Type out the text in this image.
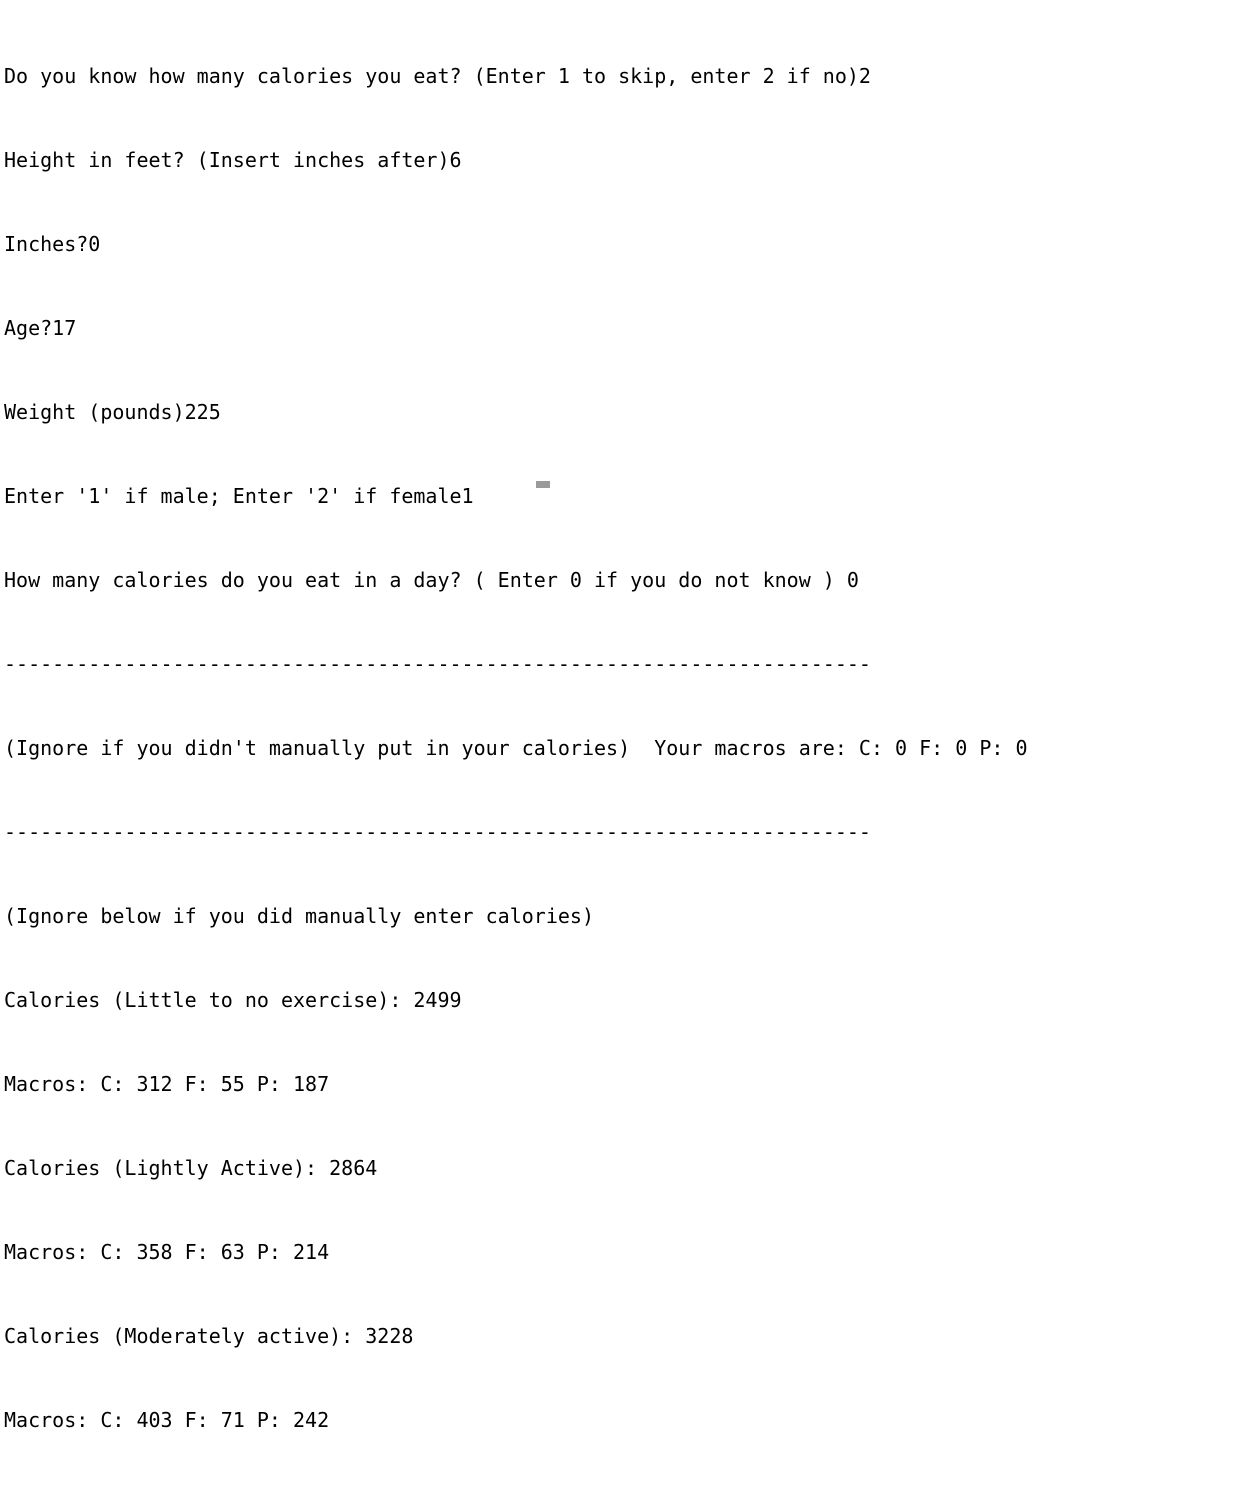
Do you know how many calories you eat? (Enter 1 to skip, enter 2 if no)2

Height in feet? (Insert inches after)6

Inches?0

Age?17

Weight (pounds)225

Enter '1' if male; Enter '2' if female1

How many calories do you eat in a day? ( Enter 0 if you do not know ) 0

------------------------------------------------------------------------

(Ignore if you didn't manually put in your calories)  Your macros are: C: 0 F: 0 P: 0

------------------------------------------------------------------------

(Ignore below if you did manually enter calories)

Calories (Little to no exercise): 2499

Macros: C: 312 F: 55 P: 187

Calories (Lightly Active): 2864

Macros: C: 358 F: 63 P: 214

Calories (Moderately active): 3228

Macros: C: 403 F: 71 P: 242
